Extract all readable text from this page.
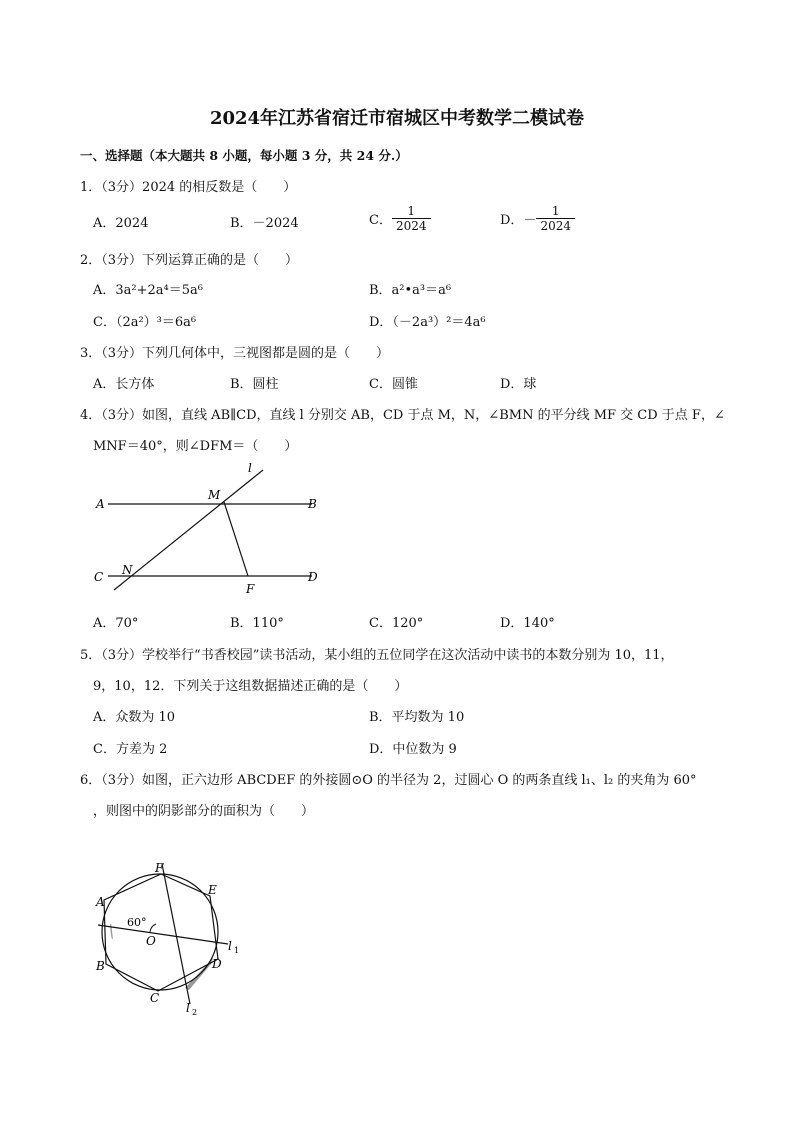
2024年江苏省宿迁市宿城区中考数学二模试卷
一、选择题（本大题共 8 小题，每小题 3 分，共 24 分.）
1．（3分）2024 的相反数是（　　）
A．2024	B．－2024	C． $\frac{1}{2024}$	D．－ $\frac{1}{2024}$
2．（3分）下列运算正确的是（　　）
A．3a²+2a⁴＝5a⁶	B．a²•a³＝a⁶
C．（2a²）³＝6a⁶	D．（－2a³）²＝4a⁶
3．（3分）下列几何体中，三视图都是圆的是（　　）
A．长方体	B．圆柱	C．圆锥	D．球
4．（3分）如图，直线 AB∥CD，直线 l 分别交 AB，CD 于点 M，N，∠BMN 的平分线 MF 交 CD 于点 F，∠
MNF＝40°，则∠DFM＝（　　）
A	B
C	D
M
N
F
l
A．70°	B．110°	C．120°	D．140°
5．（3分）学校举行“书香校园”读书活动，某小组的五位同学在这次活动中读书的本数分别为 10，11，
9，10，12．下列关于这组数据描述正确的是（　　）
A．众数为 10	B．平均数为 10
C．方差为 2	D．中位数为 9
6．（3分）如图，正六边形 ABCDEF 的外接圆⊙O 的半径为 2，过圆心 O 的两条直线 l₁、l₂ 的夹角为 60°
，则图中的阴影部分的面积为（　　）
F
E
A
60°
O
B	D
C
l 1
l 2
